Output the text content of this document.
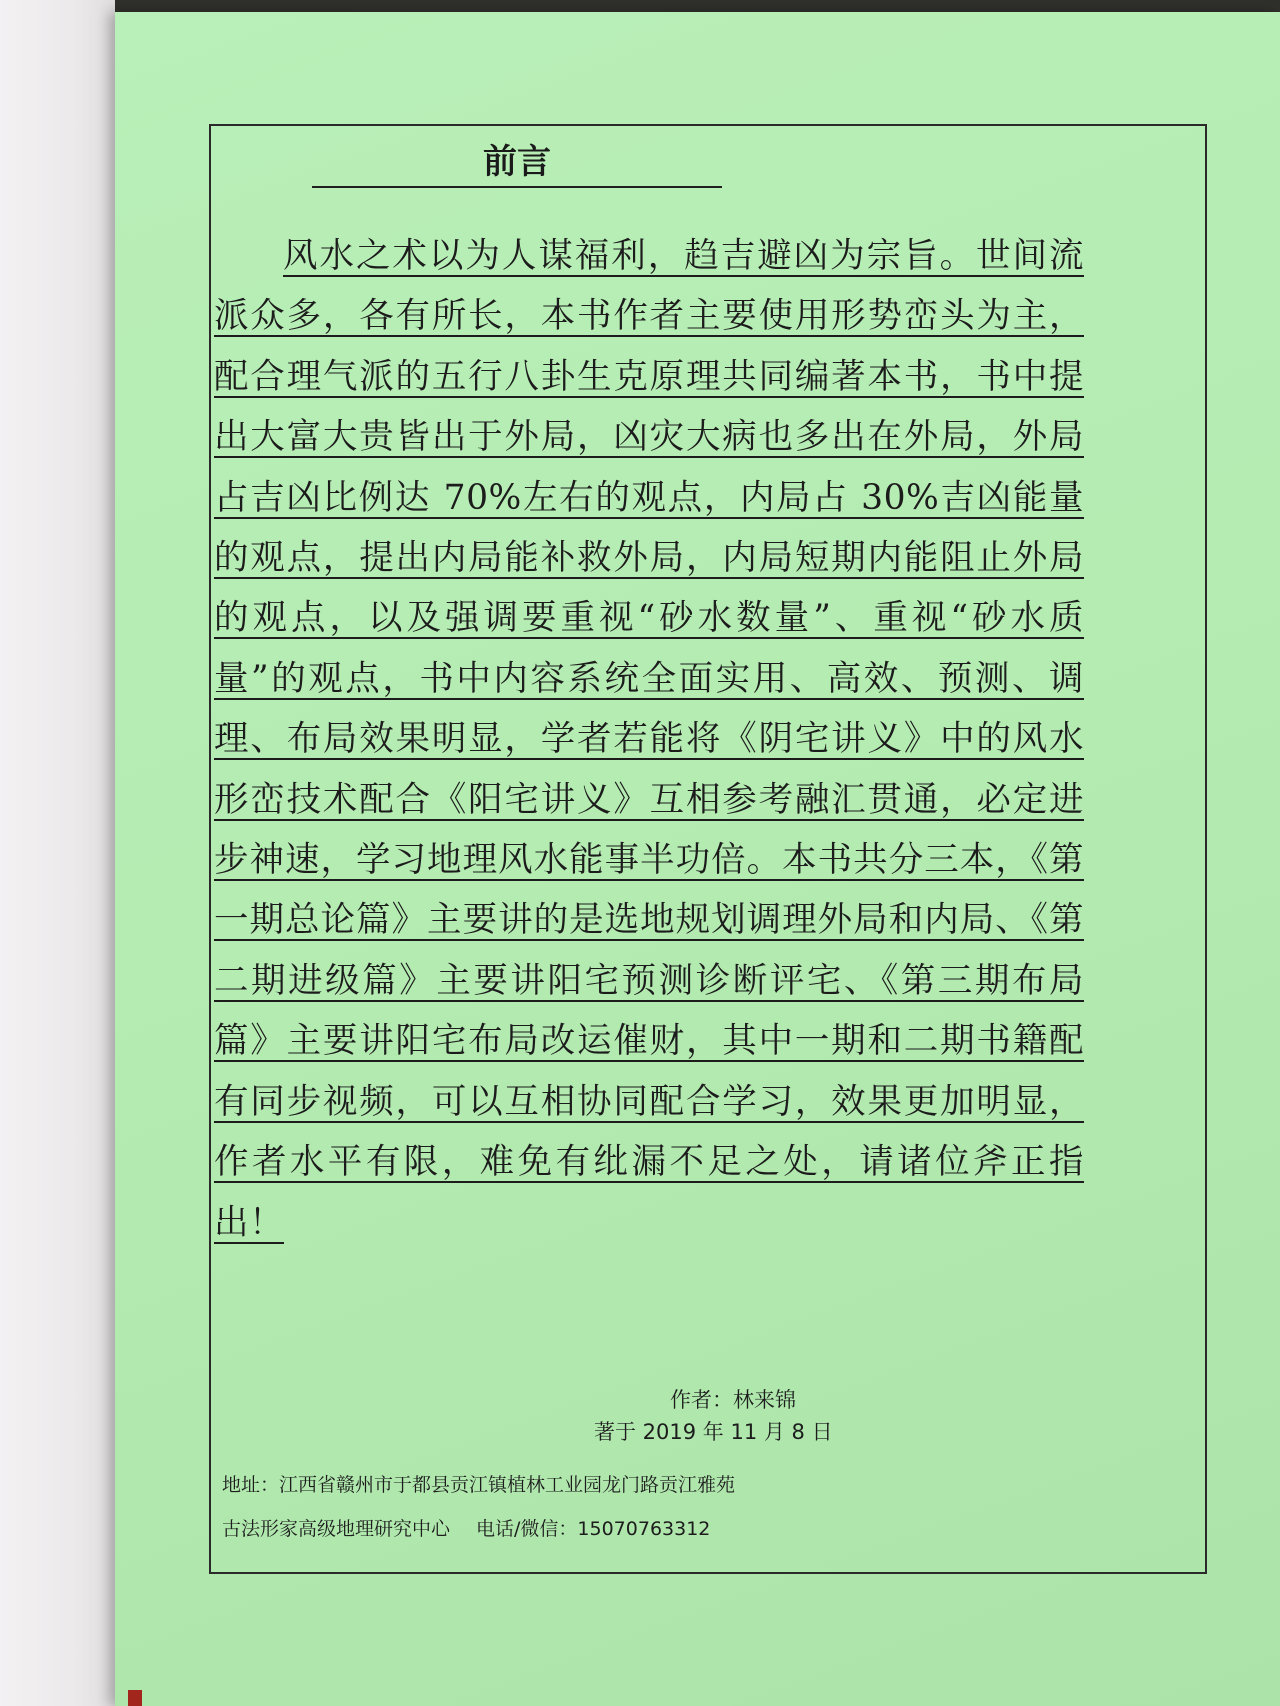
前言

风水之术以为人谋福利，趋吉避凶为宗旨。世间流派众多，各有所长，本书作者主要使用形势峦头为主，配合理气派的五行八卦生克原理共同编著本书，书中提出大富大贵皆出于外局，凶灾大病也多出在外局，外局占吉凶比例达 70%左右的观点，内局占 30%吉凶能量的观点，提出内局能补救外局，内局短期内能阻止外局的观点，以及强调要重视“砂水数量”、重视“砂水质量”的观点，书中内容系统全面实用、高效、预测、调理、布局效果明显，学者若能将《阴宅讲义》中的风水形峦技术配合《阳宅讲义》互相参考融汇贯通，必定进步神速，学习地理风水能事半功倍。本书共分三本，《第一期总论篇》主要讲的是选地规划调理外局和内局、《第二期进级篇》主要讲阳宅预测诊断评宅、《第三期布局篇》主要讲阳宅布局改运催财，其中一期和二期书籍配有同步视频，可以互相协同配合学习，效果更加明显， 作者水平有限，难免有纰漏不足之处，请诸位斧正指出！

作者：林来锦
著于 2019 年 11 月 8 日
地址：江西省赣州市于都县贡江镇植林工业园龙门路贡江雅苑
古法形家高级地理研究中心 电话/微信：15070763312
